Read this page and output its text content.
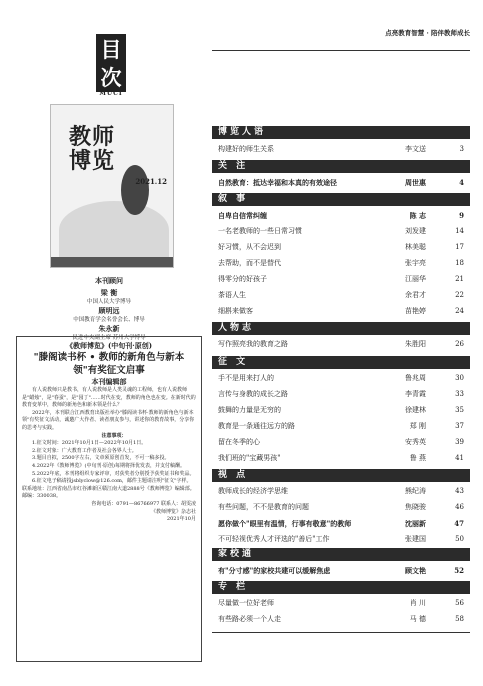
目
次
MUCI
教师
博览
2021.12
本刊顾问
梁 衡
中国人民大学博导
顾明远
中国教育学会名誉会长、博导
朱永新
民进中央副主席 苏州大学博导

《教师博览》(中旬刊·原创)

"滕阁读书杯 • 教师的新角色与新本领"有奖征文启事

本刊编辑部

有人说教师只是教书，有人说教师是人类灵魂的工程师，也有人说教师是"蜡烛"，是"春蚕"，是"园丁"……时代在变，教师的角色也在变。在新时代的教育变革中，教师的新角色和新本领是什么？

2022年，本刊联合江西教育出版社举办"滕阁读书杯·教师的新角色与新本领"有奖征文活动，诚邀广大作者、读者朋友参与，讲述你的教育故事，分享你的思考与实践。

注意事项：

1.征文时间：2021年10月1日—2022年10月1日。

2.征文对象：广大教育工作者及社会各界人士。

3.题目自拟，2500字左右，文章须原创首发，不可一稿多投。

4.2022年《教师博览》(中旬刊·原创)每期将择优发表，并支付稿酬。

5.2022年底，本刊将组织专家评审，对获奖者分别授予获奖证书和奖品。

6.征文电子稿请投jsblyclow@126.com，邮件主题请注明"征文"字样。联系地址：江西省南昌市红谷滩新区赣江南大道2888号《教师博览》编辑部。邮编：330038。

咨询电话：0791—86766977 联系人：胡雯凌

《教师博览》杂志社

2021年10月

点亮教育智慧 · 陪伴教师成长
博览人语
构建好的师生关系	李文送	3
关 注
自然教育：抵达幸福和本真的有效途径	周世惠	4
叙 事
自卑自信常纠缠	陈 志	9
一名老教师的一些日常习惯	刘发建	14
好习惯，从不会迟到	林美聪	17
去帮助，而不是替代	张宇亮	18
得零分的好孩子	江丽华	21
茶语人生	余君才	22
细斟来做客	苗艳婷	24
人物志
写作照亮我的教育之路	朱胜阳	26
征 文
手不是用来打人的	鲁兆周	30
言传与身教的成长之路	李青霞	33
鼓舞的力量是无穷的	徐建林	35
教育是一条通往远方的路	郑 刚	37
留在冬季的心	安秀英	39
我们班的"宝藏男孩"	鲁 燕	41
视 点
教师成长的经济学思维	熊纪涛	43
有些问题，不不是教育的问题	焦晓骏	46
愿你做个"眼里有温情，行事有敬意"的教师	沈丽新	47
不可轻视优秀人才评选的"善后"工作	张建国	50
家校通
有"分寸感"的家校共建可以缓解焦虑	顾文艳	52
专 栏
尽量做一位好老师	肖 川	56
有些路必须一个人走	马 德	58
